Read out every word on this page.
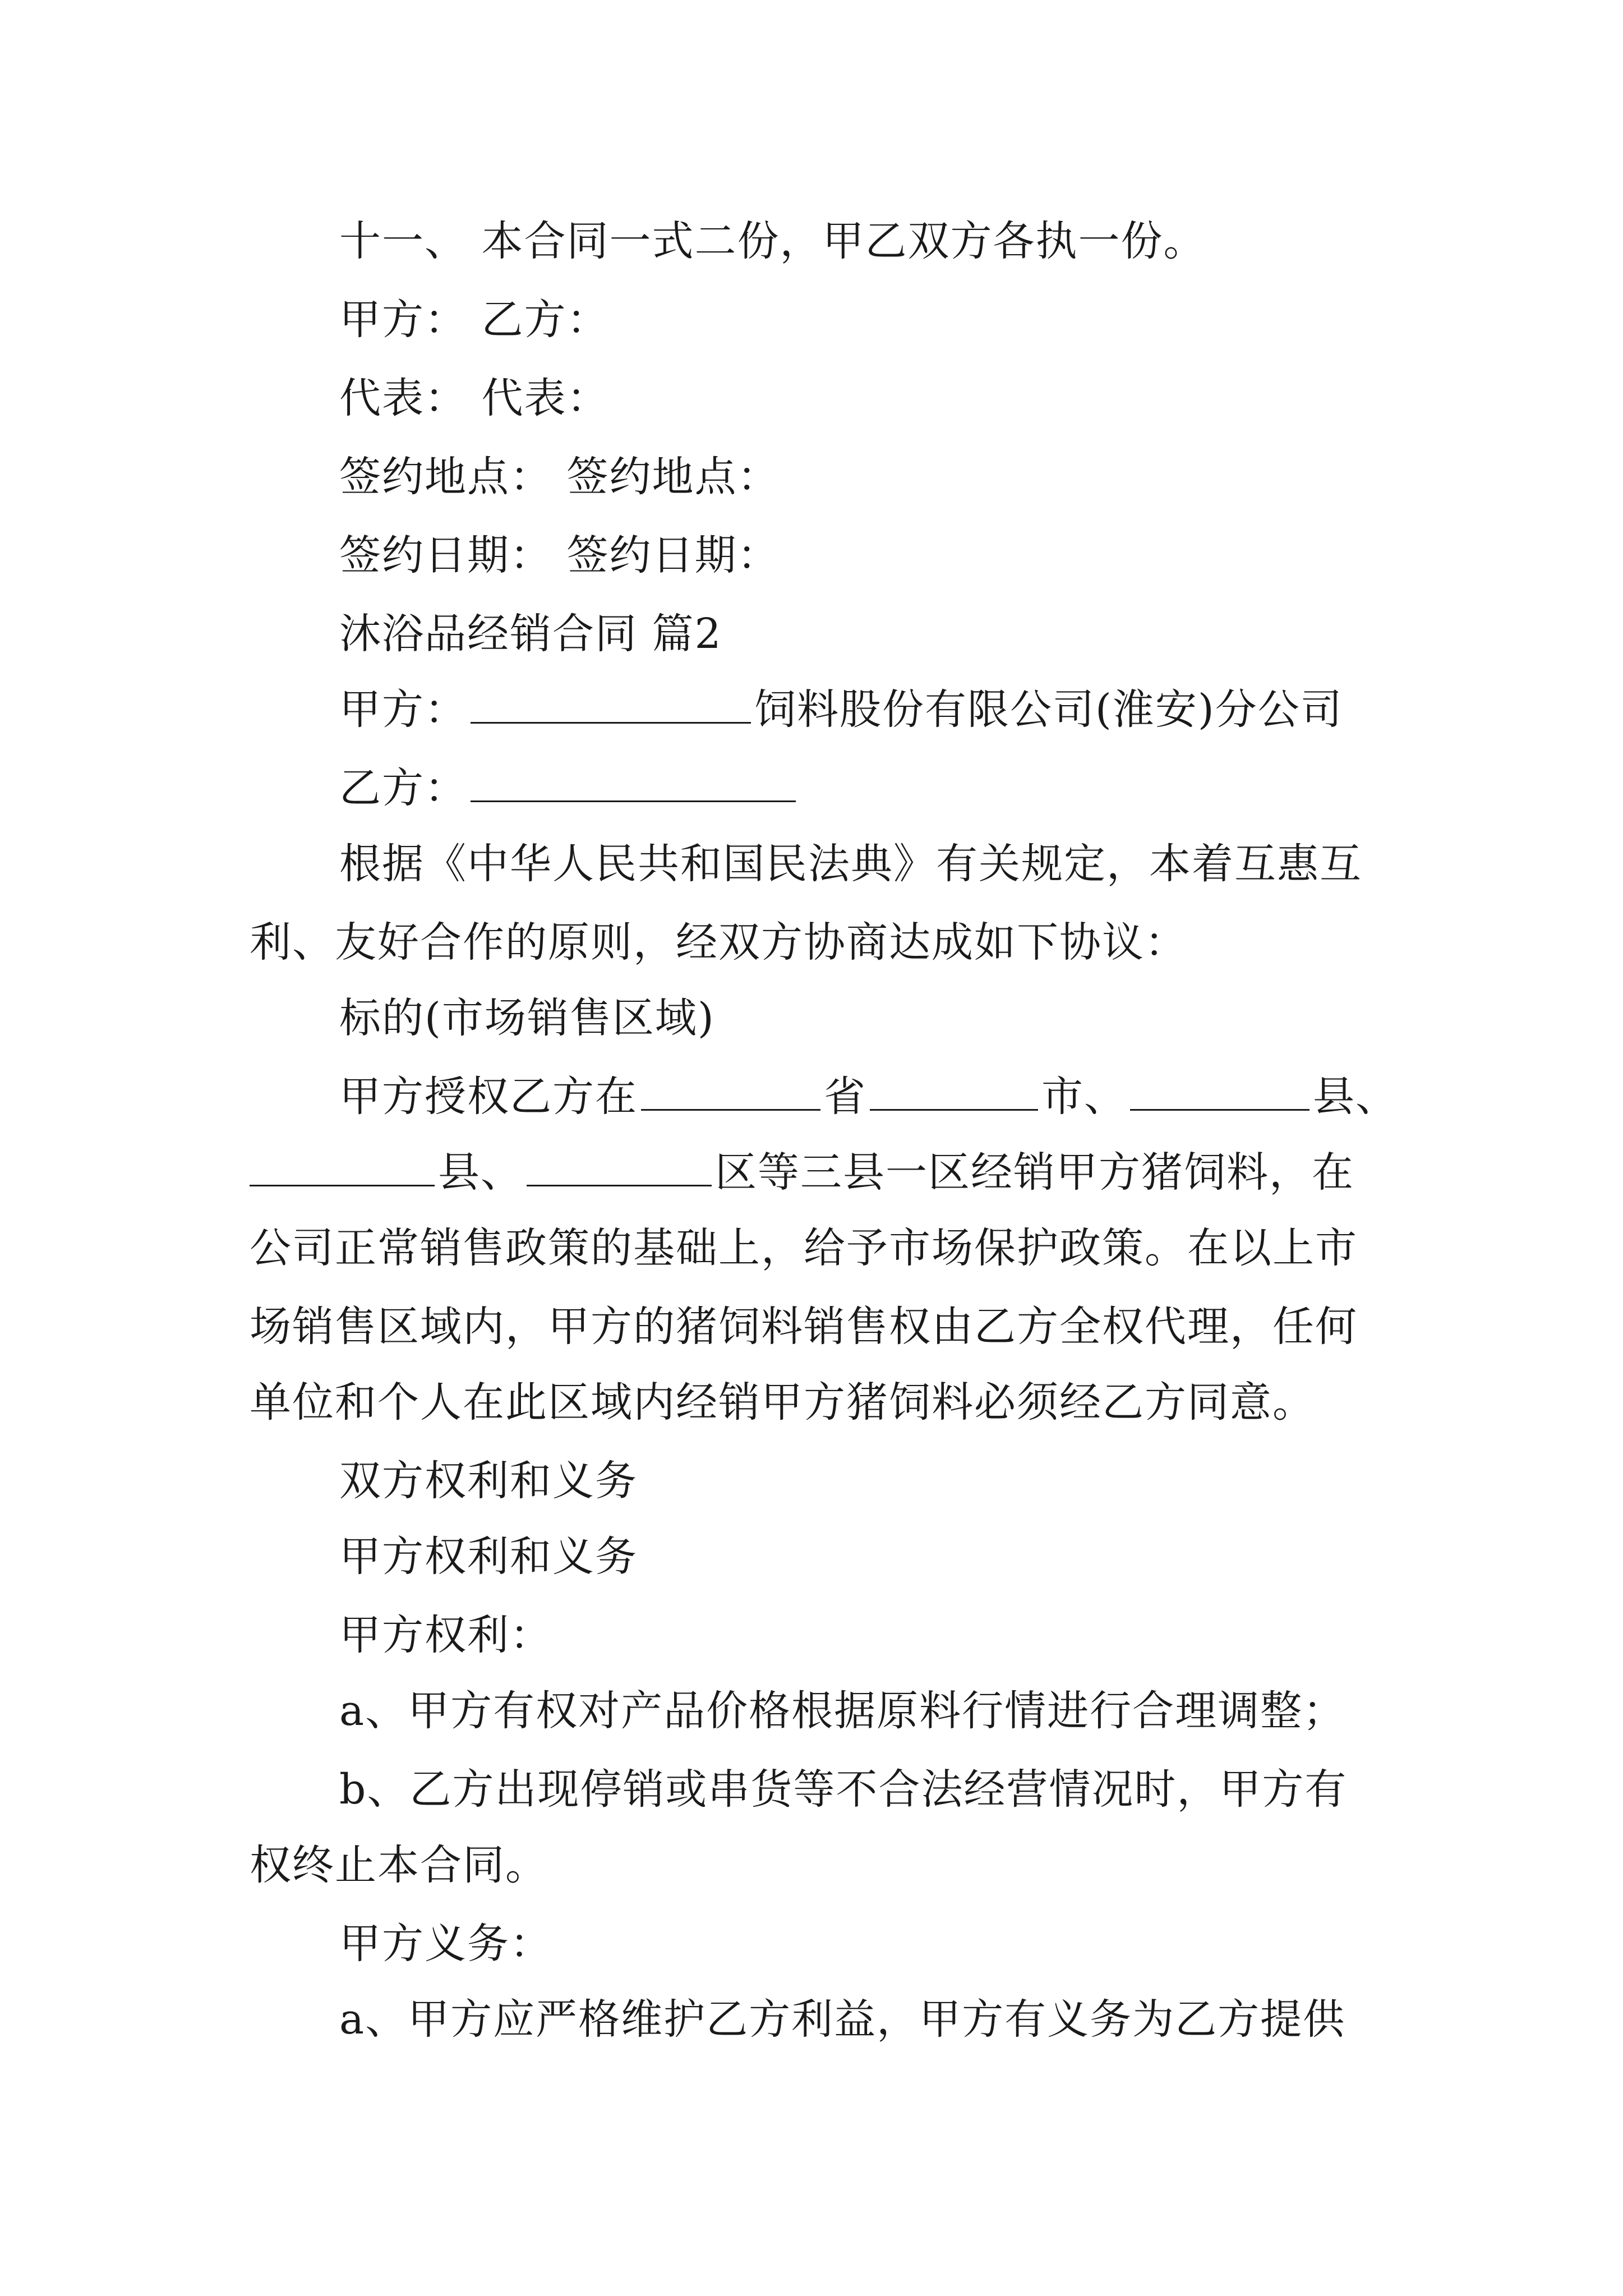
十一、 本合同一式二份，甲乙双方各执一份。
甲方： 乙方：
代表： 代表：
签约地点： 签约地点：
签约日期： 签约日期：
沐浴品经销合同 篇2
甲方：	饲料股份有限公司(淮安)分公司
乙方：
根据《中华人民共和国民法典》有关规定，本着互惠互
利、友好合作的原则，经双方协商达成如下协议：
标的(市场销售区域)
甲方授权乙方在	省	市、	县、
县、	区等三县一区经销甲方猪饲料，在
公司正常销售政策的基础上，给予市场保护政策。在以上市
场销售区域内，甲方的猪饲料销售权由乙方全权代理，任何
单位和个人在此区域内经销甲方猪饲料必须经乙方同意。
双方权利和义务
甲方权利和义务
甲方权利：
a、甲方有权对产品价格根据原料行情进行合理调整；
b、乙方出现停销或串货等不合法经营情况时，甲方有
权终止本合同。
甲方义务：
a、甲方应严格维护乙方利益，甲方有义务为乙方提供
